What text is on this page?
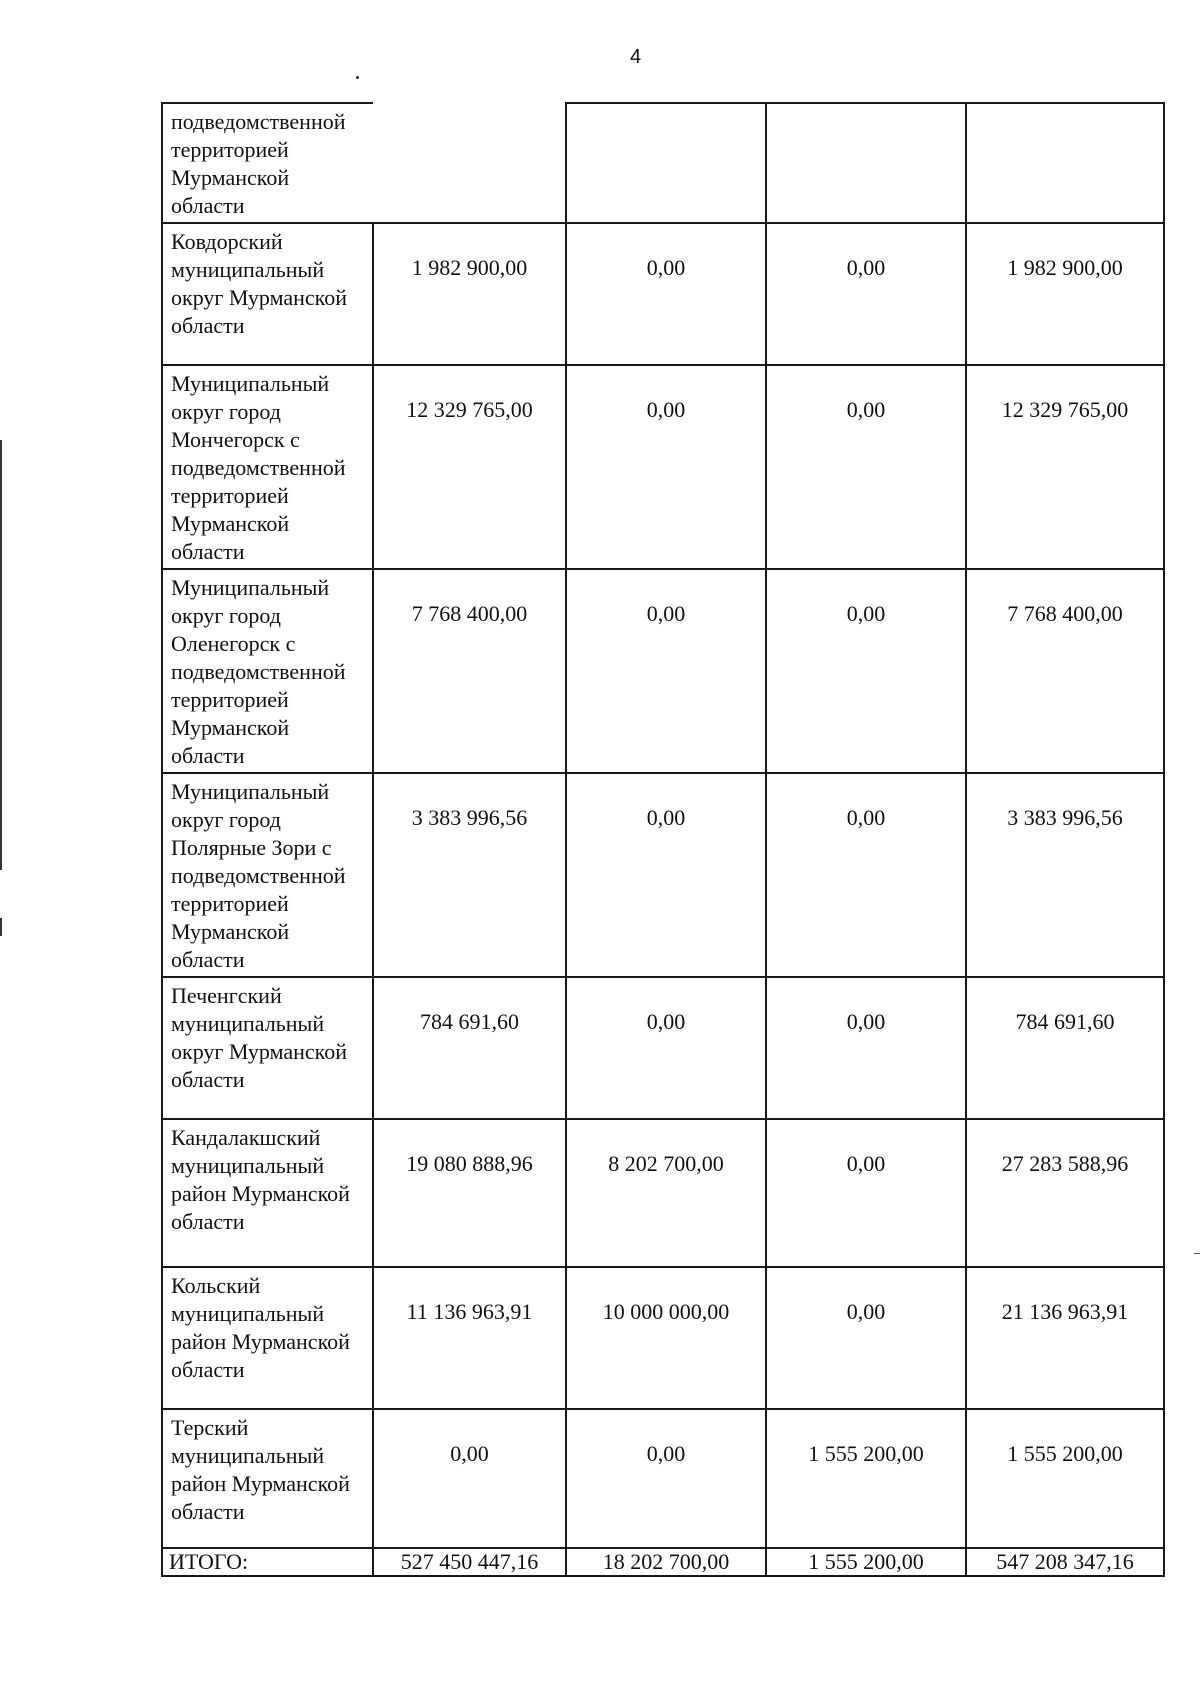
4
подведомственной территорией Мурманской области				
Ковдорский муниципальный округ Мурманской области	1 982 900,00	0,00	0,00	1 982 900,00
Муниципальный округ город Мончегорск с подведомственной территорией Мурманской области	12 329 765,00	0,00	0,00	12 329 765,00
Муниципальный округ город Оленегорск с подведомственной территорией Мурманской области	7 768 400,00	0,00	0,00	7 768 400,00
Муниципальный округ город Полярные Зори с подведомственной территорией Мурманской области	3 383 996,56	0,00	0,00	3 383 996,56
Печенгский муниципальный округ Мурманской области	784 691,60	0,00	0,00	784 691,60
Кандалакшский муниципальный район Мурманской области	19 080 888,96	8 202 700,00	0,00	27 283 588,96
Кольский муниципальный район Мурманской области	11 136 963,91	10 000 000,00	0,00	21 136 963,91
Терский муниципальный район Мурманской области	0,00	0,00	1 555 200,00	1 555 200,00
ИТОГО:	527 450 447,16	18 202 700,00	1 555 200,00	547 208 347,16
